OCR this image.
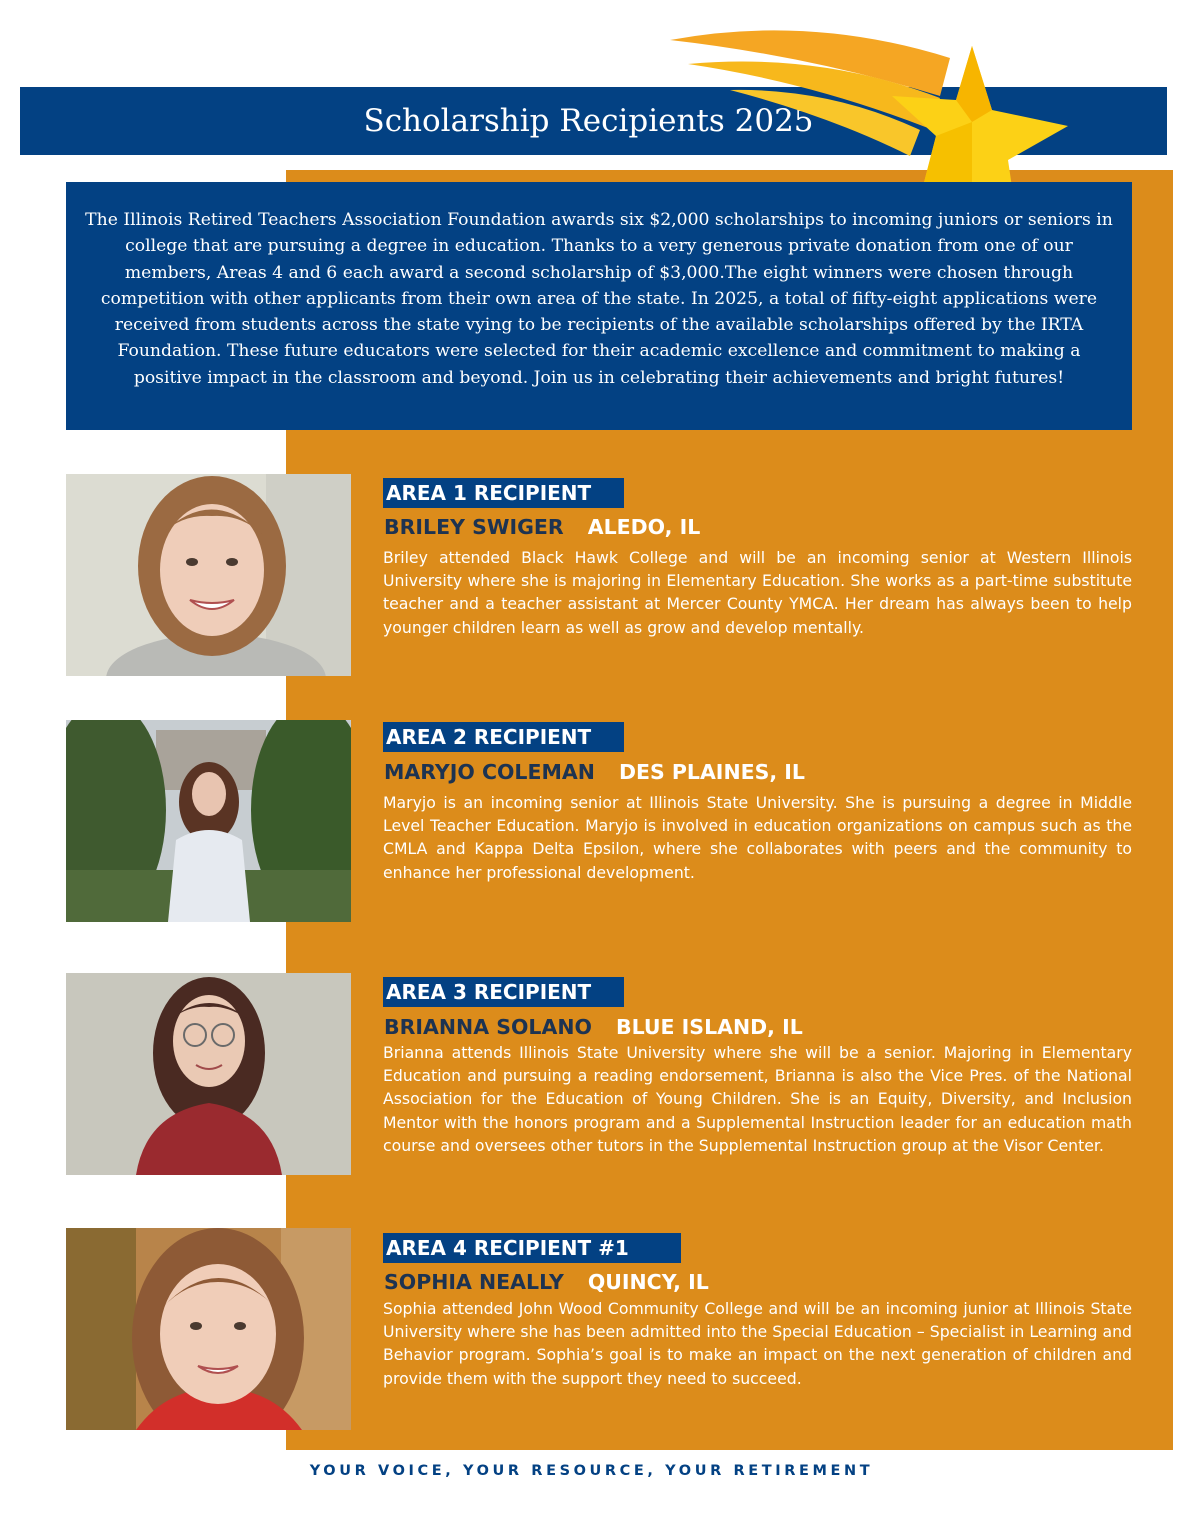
Scholarship Recipients 2025

The Illinois Retired Teachers Association Foundation awards six $2,000 scholarships to incoming juniors or seniors in college that are pursuing a degree in education. Thanks to a very generous private donation from one of our members, Areas 4 and 6 each award a second scholarship of $3,000.The eight winners were chosen through competition with other applicants from their own area of the state. In 2025, a total of fifty-eight applications were received from students across the state vying to be recipients of the available scholarships offered by the IRTA Foundation. These future educators were selected for their academic excellence and commitment to making a positive impact in the classroom and beyond. Join us in celebrating their achievements and bright futures!

AREA 1 RECIPIENT
BRILEY SWIGER ALEDO, IL

Briley attended Black Hawk College and will be an incoming senior at Western Illinois University where she is majoring in Elementary Education. She works as a part-time substitute teacher and a teacher assistant at Mercer County YMCA. Her dream has always been to help younger children learn as well as grow and develop mentally.

AREA 2 RECIPIENT
MARYJO COLEMAN DES PLAINES, IL

Maryjo is an incoming senior at Illinois State University. She is pursuing a degree in Middle Level Teacher Education. Maryjo is involved in education organizations on campus such as the CMLA and Kappa Delta Epsilon, where she collaborates with peers and the community to enhance her professional development.

AREA 3 RECIPIENT
BRIANNA SOLANO BLUE ISLAND, IL

Brianna attends Illinois State University where she will be a senior. Majoring in Elementary Education and pursuing a reading endorsement, Brianna is also the Vice Pres. of the National Association for the Education of Young Children. She is an Equity, Diversity, and Inclusion Mentor with the honors program and a Supplemental Instruction leader for an education math course and oversees other tutors in the Supplemental Instruction group at the Visor Center.

AREA 4 RECIPIENT #1
SOPHIA NEALLY QUINCY, IL

Sophia attended John Wood Community College and will be an incoming junior at Illinois State University where she has been admitted into the Special Education – Specialist in Learning and Behavior program. Sophia’s goal is to make an impact on the next generation of children and provide them with the support they need to succeed.

YOUR VOICE, YOUR RESOURCE, YOUR RETIREMENT
